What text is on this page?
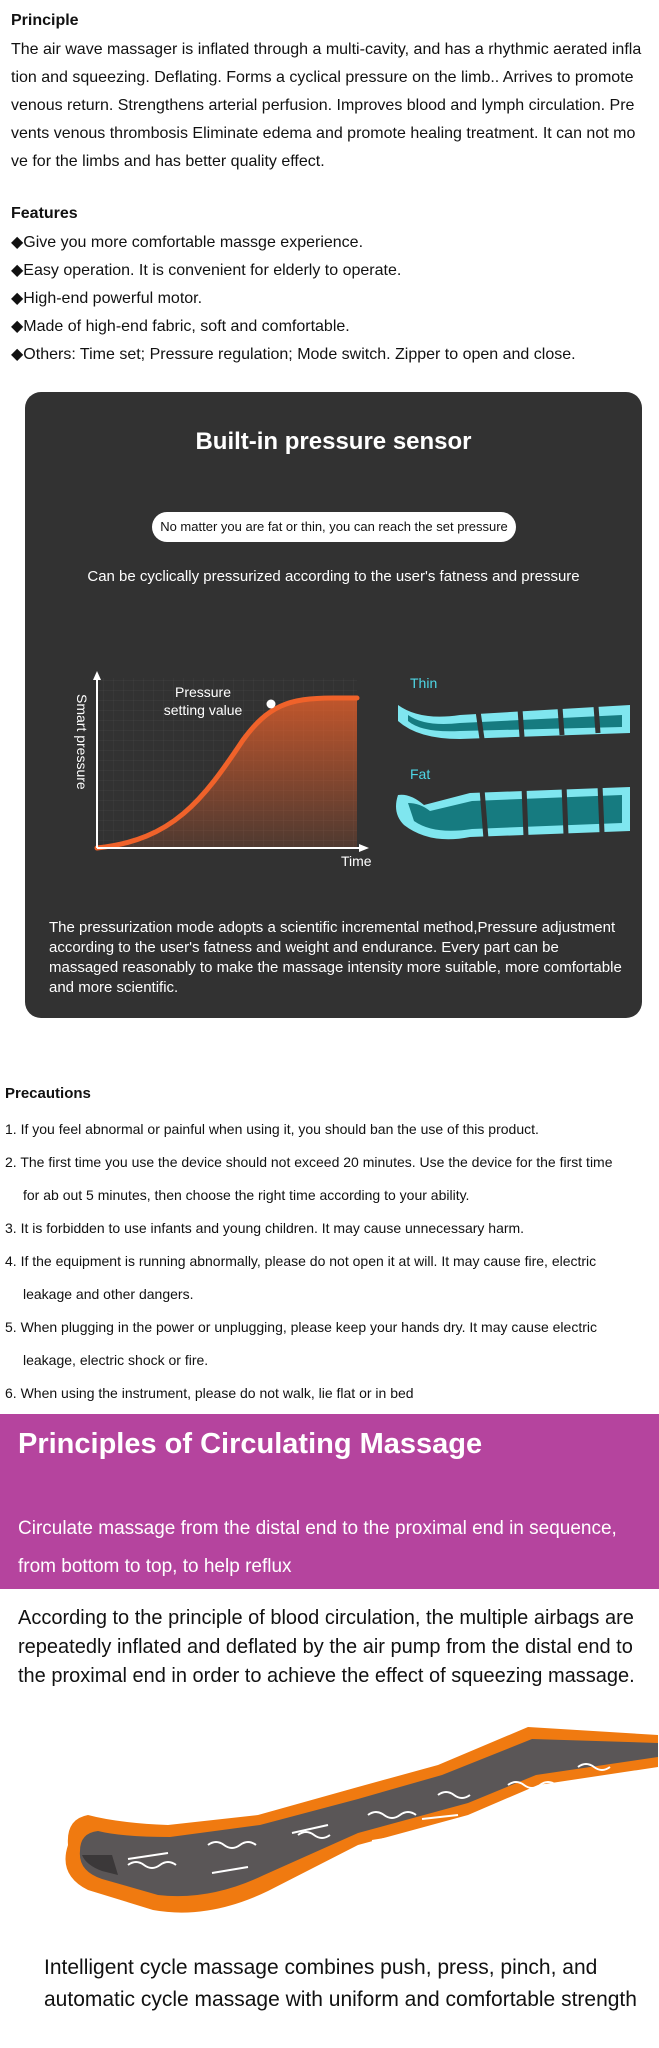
Principle

The air wave massager is inflated through a multi-cavity, and has a rhythmic aerated infla tion and squeezing. Deflating. Forms a cyclical pressure on the limb.. Arrives to promote venous return. Strengthens arterial perfusion. Improves blood and lymph circulation. Pre vents venous thrombosis Eliminate edema and promote healing treatment. It can not mo ve for the limbs and has better quality effect.

Features
◆Give you more comfortable massge experience.
◆Easy operation. It is convenient for elderly to operate.
◆High-end powerful motor.
◆Made of high-end fabric, soft and comfortable.
◆Others: Time set; Pressure regulation; Mode switch. Zipper to open and close.
Built-in pressure sensor
No matter you are fat or thin, you can reach the set pressure
Can be cyclically pressurized according to the user's fatness and pressure
Smart pressure
Time
Pressure
setting value
Thin
Fat

The pressurization mode adopts a scientific incremental method,Pressure adjustment according to the user's fatness and weight and endurance. Every part can be massaged reasonably to make the massage intensity more suitable, more comfortable and more scientific.

Precautions
1. If you feel abnormal or painful when using it, you should ban the use of this product.
2. The first time you use the device should not exceed 20 minutes. Use the device for the first time
for ab out 5 minutes, then choose the right time according to your ability.
3. It is forbidden to use infants and young children. It may cause unnecessary harm.
4. If the equipment is running abnormally, please do not open it at will. It may cause fire, electric
leakage and other dangers.
5. When plugging in the power or unplugging, please keep your hands dry. It may cause electric
leakage, electric shock or fire.
6. When using the instrument, please do not walk, lie flat or in bed
Principles of Circulating Massage

Circulate massage from the distal end to the proximal end in sequence, from bottom to top, to help reflux

According to the principle of blood circulation, the multiple airbags are repeatedly inflated and deflated by the air pump from the distal end to the proximal end in order to achieve the effect of squeezing massage.

Intelligent cycle massage combines push, press, pinch, and automatic cycle massage with uniform and comfortable strength
